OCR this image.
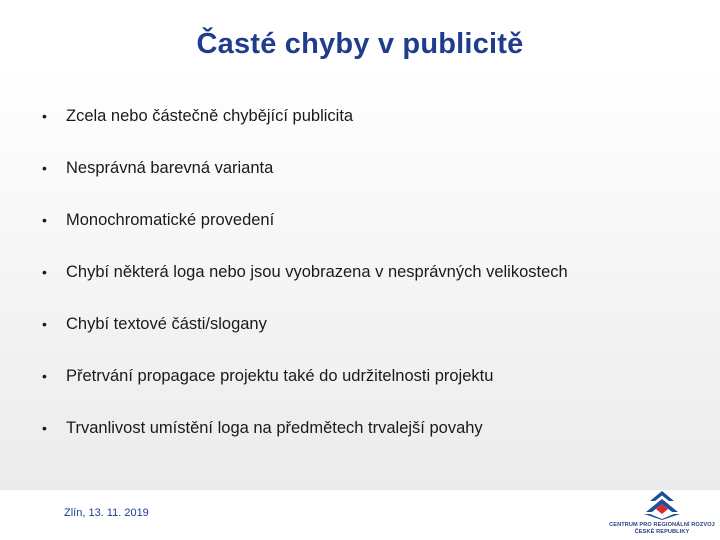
Časté chyby v publicitě
•	Zcela nebo částečně chybějící publicita
•	Nesprávná barevná varianta
•	Monochromatické provedení
•	Chybí některá loga nebo jsou vyobrazena v nesprávných velikostech
•	Chybí textové části/slogany
•	Přetrvání propagace projektu také do udržitelnosti projektu
•	Trvanlivost umístění loga na předmětech trvalejší povahy
Zlín, 13. 11. 2019
CENTRUM PRO REGIONÁLNÍ ROZVOJ
ČESKÉ REPUBLIKY
